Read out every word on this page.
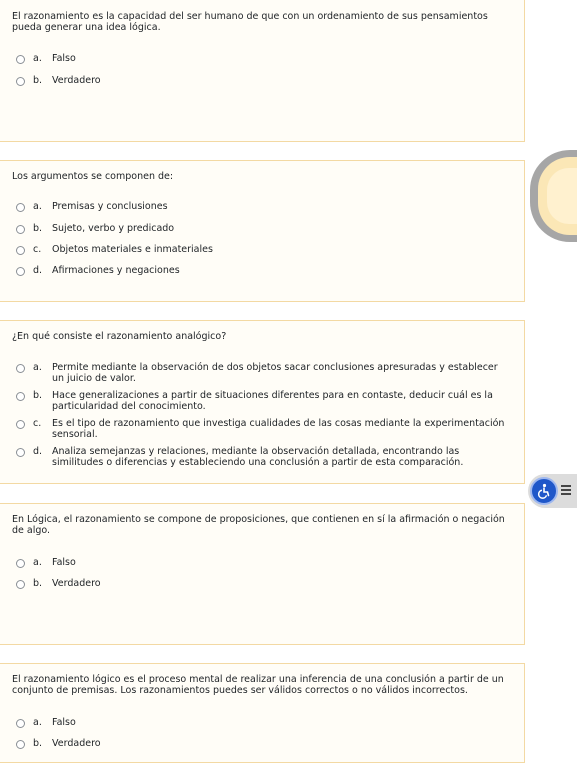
El razonamiento es la capacidad del ser humano de que con un ordenamiento de sus pensamientos pueda generar una idea lógica.
a. Falso
b. Verdadero
Los argumentos se componen de:
a. Premisas y conclusiones
b. Sujeto, verbo y predicado
c. Objetos materiales e inmateriales
d. Afirmaciones y negaciones
¿En qué consiste el razonamiento analógico?
a. Permite mediante la observación de dos objetos sacar conclusiones apresuradas y establecer un juicio de valor.
b. Hace generalizaciones a partir de situaciones diferentes para en contaste, deducir cuál es la particularidad del conocimiento.
c. Es el tipo de razonamiento que investiga cualidades de las cosas mediante la experimentación sensorial.
d. Analiza semejanzas y relaciones, mediante la observación detallada, encontrando las similitudes o diferencias y estableciendo una conclusión a partir de esta comparación.
En Lógica, el razonamiento se compone de proposiciones, que contienen en sí la afirmación o negación de algo.
a. Falso
b. Verdadero
El razonamiento lógico es el proceso mental de realizar una inferencia de una conclusión a partir de un conjunto de premisas. Los razonamientos puedes ser válidos correctos o no válidos incorrectos.
a. Falso
b. Verdadero
